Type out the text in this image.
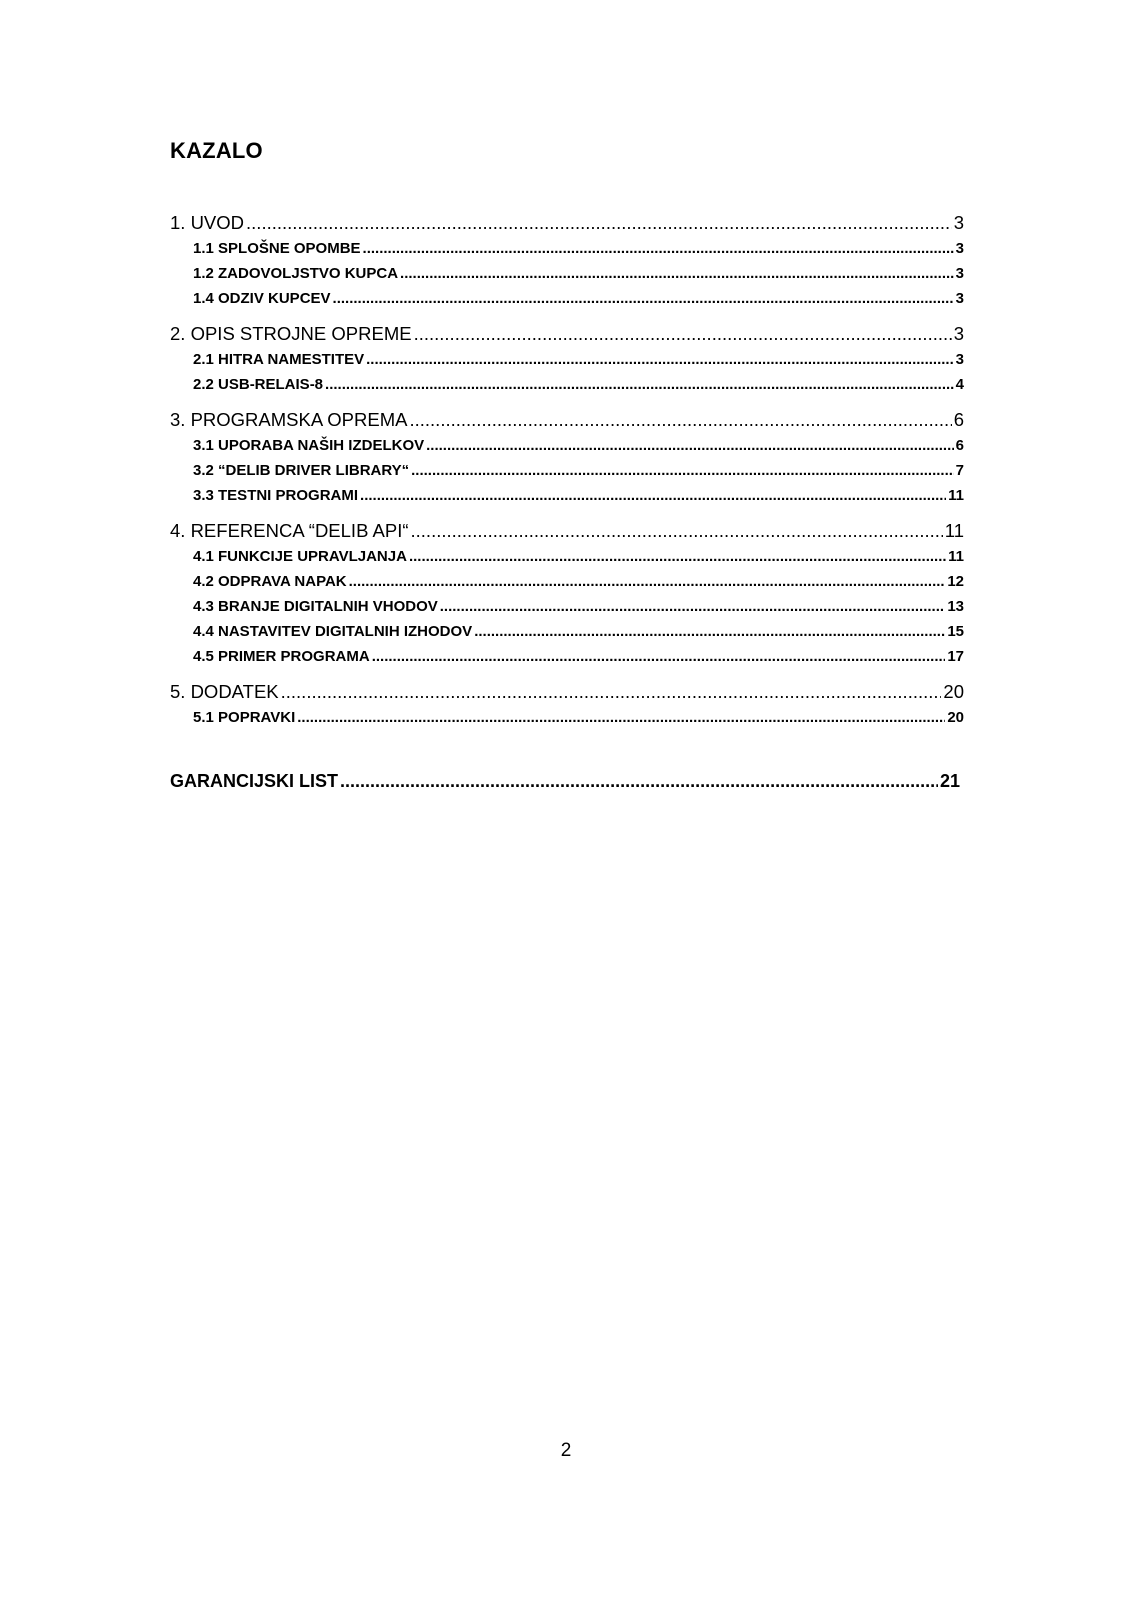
KAZALO
1. UVOD .....	3
1.1 SPLOŠNE OPOMBE .....	3
1.2 ZADOVOLJSTVO KUPCA .....	3
1.4 ODZIV KUPCEV .....	3
2. OPIS STROJNE OPREME .....	3
2.1 HITRA NAMESTITEV .....	3
2.2 USB-RELAIS-8 .....	4
3. PROGRAMSKA OPREMA .....	6
3.1 UPORABA NAŠIH IZDELKOV .....	6
3.2 “DELIB DRIVER LIBRARY“ .....	7
3.3 TESTNI PROGRAMI .....	11
4. REFERENCA “DELIB API“ .....	11
4.1 FUNKCIJE UPRAVLJANJA .....	11
4.2 ODPRAVA NAPAK .....	12
4.3 BRANJE DIGITALNIH VHODOV .....	13
4.4 NASTAVITEV DIGITALNIH IZHODOV .....	15
4.5 PRIMER PROGRAMA .....	17
5. DODATEK .....	20
5.1 POPRAVKI .....	20
GARANCIJSKI LIST .....	21
2
